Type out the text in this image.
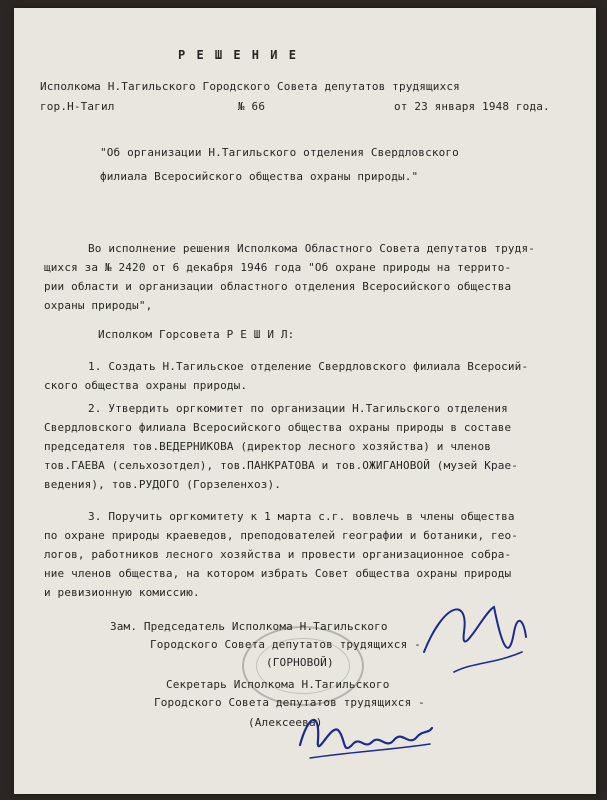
Р Е Ш Е Н И Е
Исполкома Н.Тагильского Городского Совета депутатов трудящихся
гор.Н-Тагил	№ 66	от 23 января 1948 года.
"Об организации Н.Тагильского отделения Свердловского
филиала Всеросийского общества охраны природы."
Во исполнение решения Исполкома Областного Совета депутатов трудя-
щихся за № 2420 от 6 декабря 1946 года "Об охране природы на террито-
рии области и организации областного отделения Всеросийского общества
охраны природы",
Исполком Горсовета Р Е Ш И Л:
1. Создать Н.Тагильское отделение Свердловского филиала Всеросий-
ского общества охраны природы.
2. Утвердить оргкомитет по организации Н.Тагильского отделения
Свердловского филиала Всеросийского общества охраны природы в составе
председателя тов.ВЕДЕРНИКОВА (директор лесного хозяйства) и членов
тов.ГАЕВА (сельхозотдел), тов.ПАНКРАТОВА и тов.ОЖИГАНОВОЙ (музей Крае-
ведения), тов.РУДОГО (Горзеленхоз).
3. Поручить оргкомитету к 1 марта с.г. вовлечь в члены общества
по охране природы краеведов, преподователей географии и ботаники, гео-
логов, работников лесного хозяйства и провести организационное собра-
ние членов общества, на котором избрать Совет общества охраны природы
и ревизионную комиссию.
Зам. Председатель Исполкома Н.Тагильского
Городского Совета депутатов трудящихся -
(ГОРНОВОЙ)
Секретарь Исполкома Н.Тагильского
Городского Совета депутатов трудящихся -
(Алексеева)
